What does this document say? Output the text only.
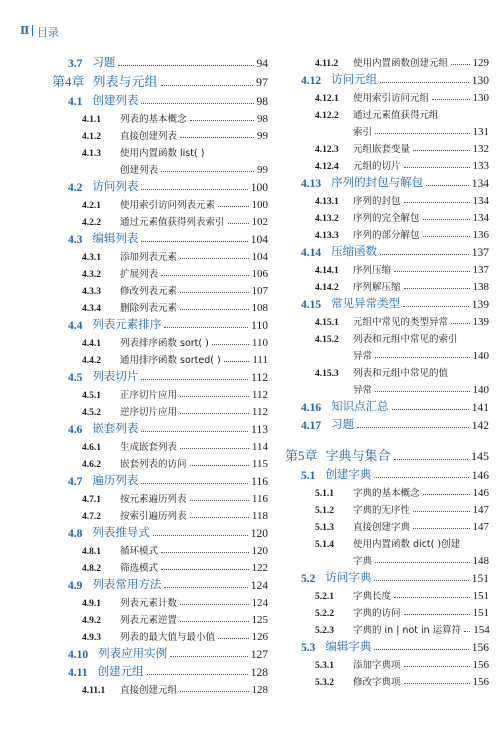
Ⅱ 目录
3.7 习题	94
第4章 列表与元组	97
4.1 创建列表	98
4.1.1	列表的基本概念	98
4.1.2	直接创建列表	99
4.1.3	使用内置函数 list( )
创建列表	99
4.2 访问列表	100
4.2.1	使用索引访问列表元素	100
4.2.2	通过元素值获得列表索引 102
4.3 编辑列表	104
4.3.1	添加列表元素	104
4.3.2	扩展列表	106
4.3.3	修改列表元素	107
4.3.4	删除列表元素	108
4.4 列表元素排序	110
4.4.1	列表排序函数 sort( )	110
4.4.2	通用排序函数 sorted( )	111
4.5 列表切片	112
4.5.1	正序切片应用	112
4.5.2	逆序切片应用	112
4.6 嵌套列表	113
4.6.1	生成嵌套列表	114
4.6.2	嵌套列表的访问	115
4.7 遍历列表	116
4.7.1	按元素遍历列表	116
4.7.2	按索引遍历列表	118
4.8 列表推导式	120
4.8.1	循环模式	120
4.8.2	筛选模式	122
4.9 列表常用方法	124
4.9.1	列表元素计数	124
4.9.2	列表元素逆置	125
4.9.3	列表的最大值与最小值	126
4.10 列表应用实例	127
4.11 创建元组	128
4.11.1	直接创建元组	128
4.11.2	使用内置函数创建元组 129
4.12 访问元组	130
4.12.1	使用索引访问元组	130
4.12.2	通过元素值获得元组
索引	131
4.12.3	元组嵌套变量	132
4.12.4	元组的切片	133
4.13 序列的封包与解包	134
4.13.1	序列的封包	134
4.13.2	序列的完全解包	134
4.13.3	序列的部分解包	136
4.14 压缩函数	137
4.14.1	序列压缩	137
4.14.2	序列解压缩	138
4.15 常见异常类型	139
4.15.1	元组中常见的类型异常 139
4.15.2	列表和元组中常见的索引
异常	140
4.15.3	列表和元组中常见的值
异常	140
4.16 知识点汇总	141
4.17 习题	142
第5章 字典与集合	145
5.1 创建字典	146
5.1.1	字典的基本概念	146
5.1.2	字典的无序性	147
5.1.3	直接创建字典	147
5.1.4	使用内置函数 dict( )创建
字典	148
5.2 访问字典	151
5.2.1	字典长度	151
5.2.2	字典的访问	151
5.2.3	字典的 in | not in 运算符 154
5.3 编辑字典	156
5.3.1	添加字典项	156
5.3.2	修改字典项	156
